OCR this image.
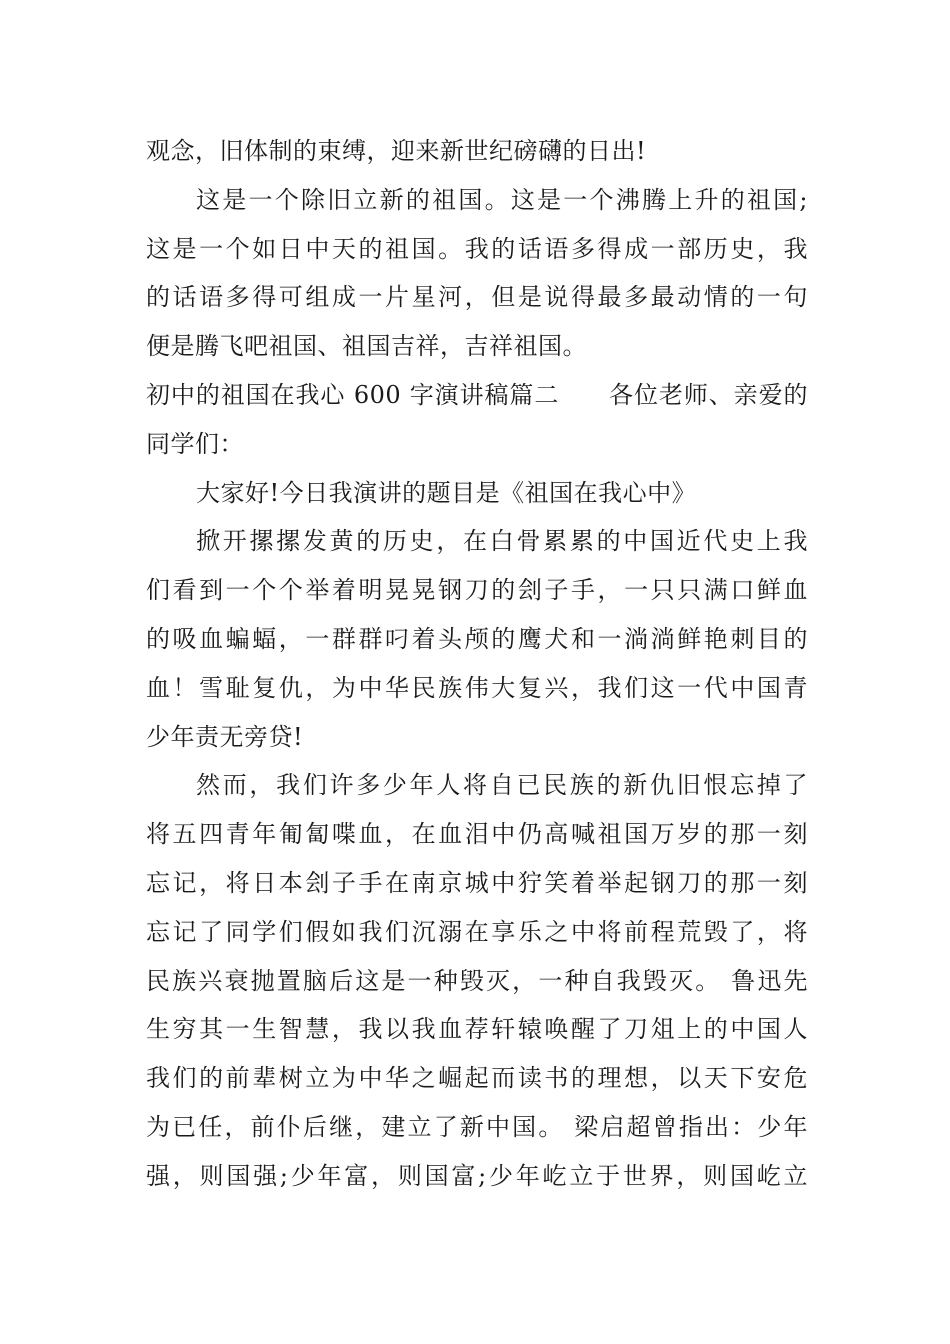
观念，旧体制的束缚，迎来新世纪磅礴的日出!
这是一个除旧立新的祖国。这是一个沸腾上升的祖国;
这是一个如日中天的祖国。我的话语多得成一部历史，我
的话语多得可组成一片星河，但是说得最多最动情的一句
便是腾飞吧祖国、祖国吉祥，吉祥祖国。
初中的祖国在我心 600 字演讲稿篇二　　各位老师、亲爱的
同学们：
大家好!今日我演讲的题目是《祖国在我心中》
掀开摞摞发黄的历史，在白骨累累的中国近代史上我
们看到一个个举着明晃晃钢刀的刽子手，一只只满口鲜血
的吸血蝙蝠，一群群叼着头颅的鹰犬和一淌淌鲜艳刺目的
血！雪耻复仇，为中华民族伟大复兴，我们这一代中国青
少年责无旁贷!
然而，我们许多少年人将自已民族的新仇旧恨忘掉了
将五四青年匍匐喋血，在血泪中仍高喊祖国万岁的那一刻
忘记，将日本刽子手在南京城中狞笑着举起钢刀的那一刻
忘记了同学们假如我们沉溺在享乐之中将前程荒毁了，将
民族兴衰抛置脑后这是一种毁灭，一种自我毁灭。 鲁迅先
生穷其一生智慧，我以我血荐轩辕唤醒了刀俎上的中国人
我们的前辈树立为中华之崛起而读书的理想，以天下安危
为已任，前仆后继，建立了新中国。 梁启超曾指出：少年
强，则国强;少年富，则国富;少年屹立于世界，则国屹立
